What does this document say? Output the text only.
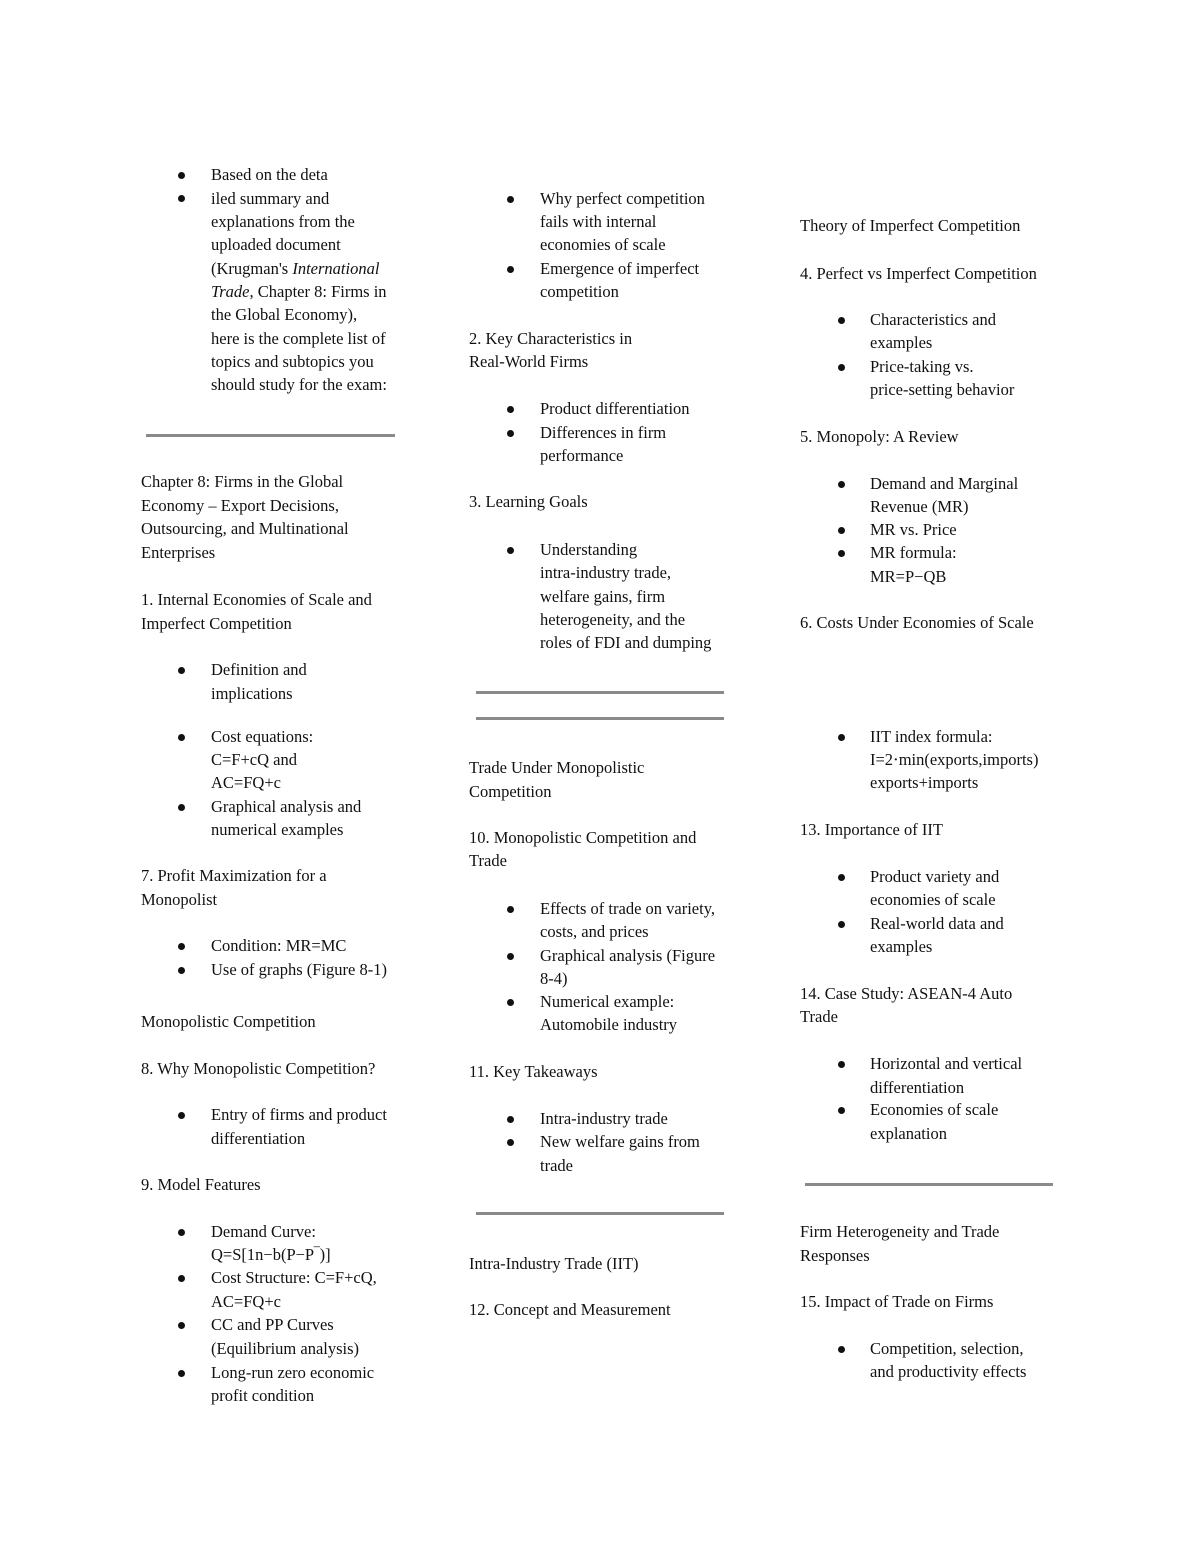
Based on the deta
iled summary and
explanations from the
uploaded document
(Krugman's International
Trade, Chapter 8: Firms in
the Global Economy),
here is the complete list of
topics and subtopics you
should study for the exam:
Chapter 8: Firms in the Global
Economy – Export Decisions,
Outsourcing, and Multinational
Enterprises
1. Internal Economies of Scale and
Imperfect Competition
Definition and
implications
Cost equations:
C=F+cQ and
AC=FQ+c
Graphical analysis and
numerical examples
7. Profit Maximization for a
Monopolist
Condition: MR=MC
Use of graphs (Figure 8-1)
Monopolistic Competition
8. Why Monopolistic Competition?
Entry of firms and product
differentiation
9. Model Features
Demand Curve:
Q=S[1n−b(P−P‾)]
Cost Structure: C=F+cQ,
AC=FQ+c
CC and PP Curves
(Equilibrium analysis)
Long-run zero economic
profit condition
Why perfect competition
fails with internal
economies of scale
Emergence of imperfect
competition
2. Key Characteristics in
Real-World Firms
Product differentiation
Differences in firm
performance
3. Learning Goals
Understanding
intra-industry trade,
welfare gains, firm
heterogeneity, and the
roles of FDI and dumping
Trade Under Monopolistic
Competition
10. Monopolistic Competition and
Trade
Effects of trade on variety,
costs, and prices
Graphical analysis (Figure
8-4)
Numerical example:
Automobile industry
11. Key Takeaways
Intra-industry trade
New welfare gains from
trade
Intra-Industry Trade (IIT)
12. Concept and Measurement
Theory of Imperfect Competition
4. Perfect vs Imperfect Competition
Characteristics and
examples
Price-taking vs.
price-setting behavior
5. Monopoly: A Review
Demand and Marginal
Revenue (MR)
MR vs. Price
MR formula:
MR=P−QB
6. Costs Under Economies of Scale
IIT index formula:
I=2⋅min(exports,imports)
exports+imports
13. Importance of IIT
Product variety and
economies of scale
Real-world data and
examples
14. Case Study: ASEAN-4 Auto
Trade
Horizontal and vertical
differentiation
Economies of scale
explanation
Firm Heterogeneity and Trade
Responses
15. Impact of Trade on Firms
Competition, selection,
and productivity effects
